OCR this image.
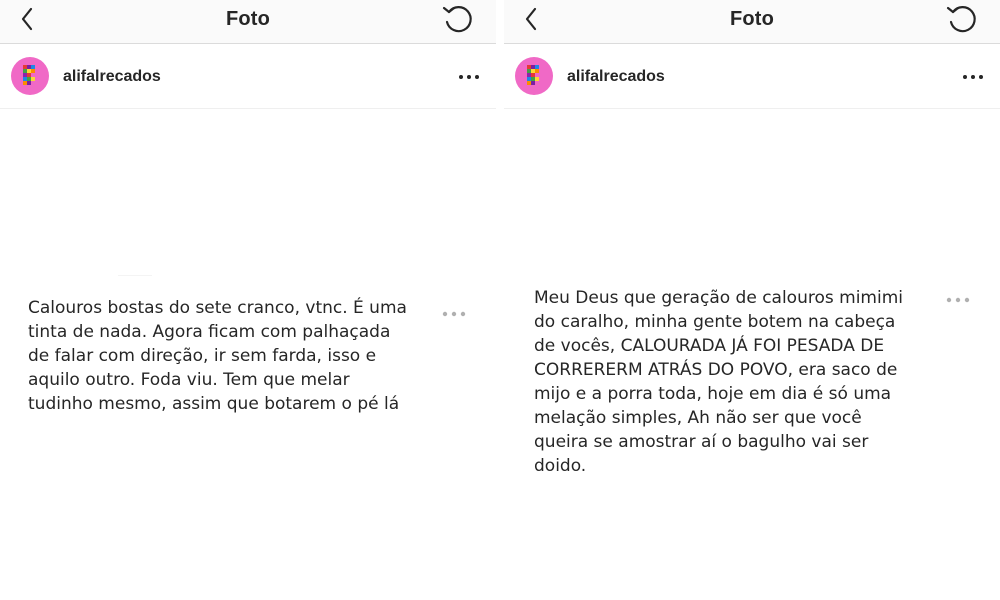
Foto
alifalrecados
Calouros bostas do sete cranco, vtnc. É uma
tinta de nada. Agora ficam com palhaçada
de falar com direção, ir sem farda, isso e
aquilo outro. Foda viu. Tem que melar
tudinho mesmo, assim que botarem o pé lá
Foto
alifalrecados
Meu Deus que geração de calouros mimimi
do caralho, minha gente botem na cabeça
de vocês, CALOURADA JÁ FOI PESADA DE
CORRERERM ATRÁS DO POVO, era saco de
mijo e a porra toda, hoje em dia é só uma
melação simples, Ah não ser que você
queira se amostrar aí o bagulho vai ser
doido.
